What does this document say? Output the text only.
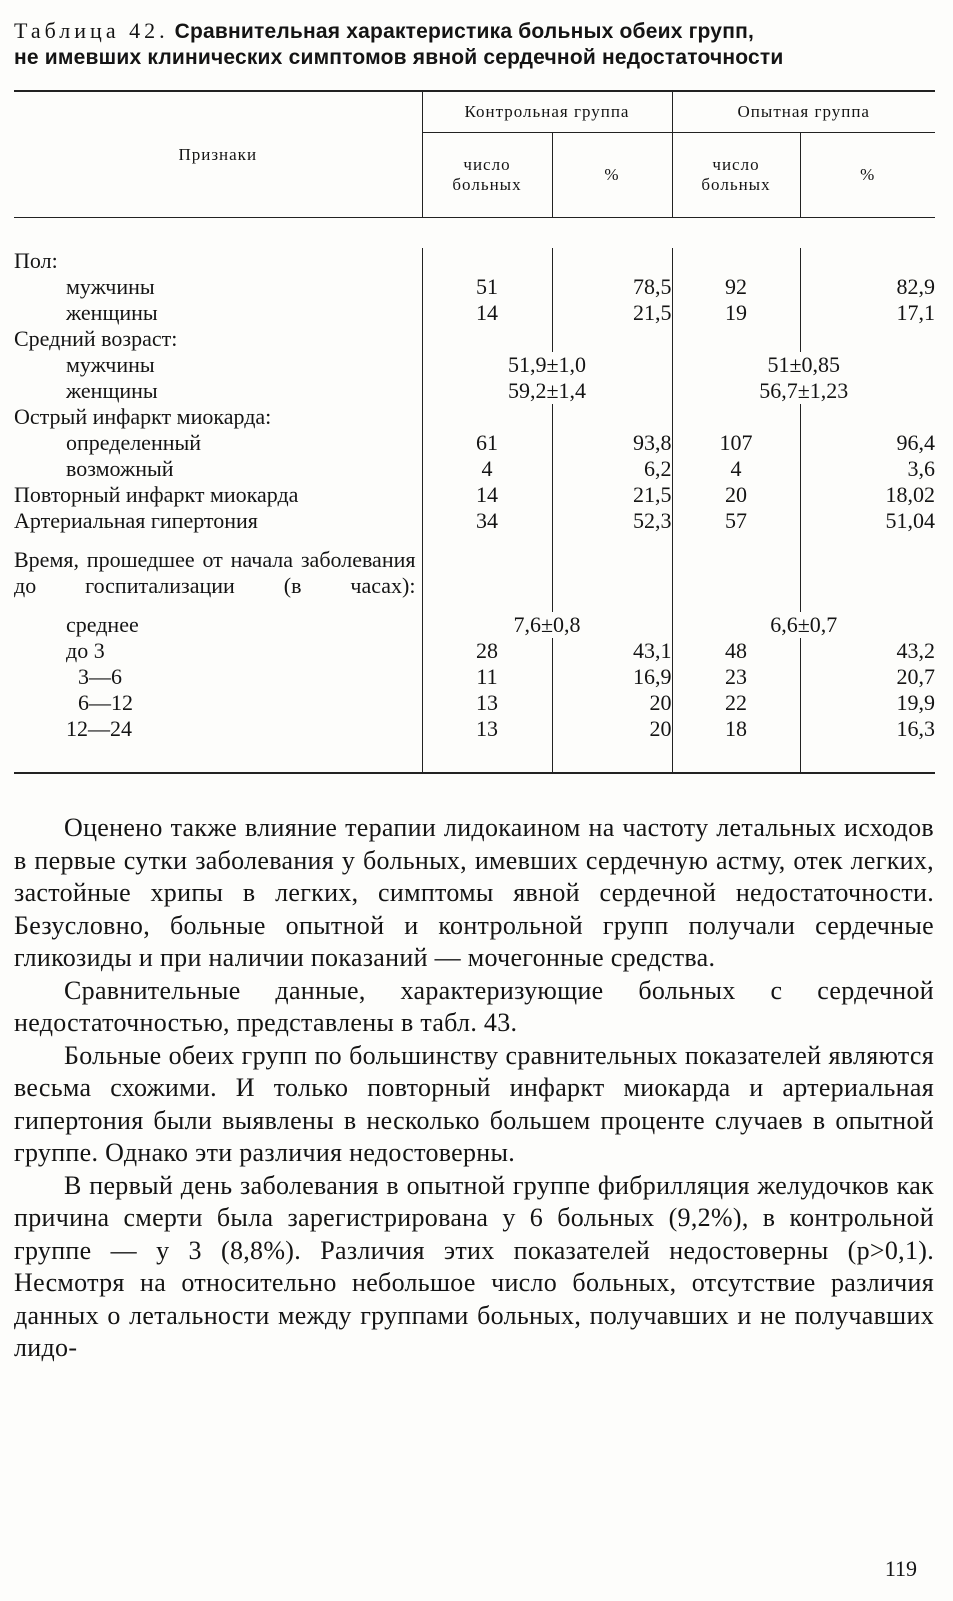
Таблица 42. Сравнительная характеристика больных обеих групп,
не имевших клинических симптомов явной сердечной недостаточности
Признаки	Контрольная группа		Опытная группа	
	число больных	%	число больных	%

Пол:				
мужчины	51	78,5	92	82,9
женщины	14	21,5	19	17,1
Средний возраст:				
мужчины	51,9±1,0		51±0,85	
женщины	59,2±1,4		56,7±1,23	
Острый инфаркт миокарда:				
определенный	61	93,8	107	96,4
возможный	4	6,2	4	3,6
Повторный инфаркт миокарда	14	21,5	20	18,02
Артериальная гипертония	34	52,3	57	51,04
Время, прошедшее от начала заболевания до госпитализации (в часах):				
среднее	7,6±0,8		6,6±0,7	
до 3	28	43,1	48	43,2
3—6	11	16,9	23	20,7
6—12	13	20	22	19,9
12—24	13	20	18	16,3

Оценено также влияние терапии лидокаином на частоту летальных исходов в первые сутки заболевания у больных, имевших сердечную астму, отек легких, застойные хрипы в легких, симптомы явной сердечной недостаточности. Безусловно, больные опытной и контрольной групп получали сердечные гликозиды и при наличии показаний — мочегонные средства.

Сравнительные данные, характеризующие больных с сердечной недостаточностью, представлены в табл. 43.

Больные обеих групп по большинству сравнительных показателей являются весьма схожими. И только повторный инфаркт миокарда и артериальная гипертония были выявлены в несколько большем проценте случаев в опытной группе. Однако эти различия недостоверны.

В первый день заболевания в опытной группе фибрилляция желудочков как причина смерти была зарегистрирована у 6 больных (9,2%), в контрольной группе — у 3 (8,8%). Различия этих показателей недостоверны (p>0,1). Несмотря на относительно небольшое число больных, отсутствие различия данных о летальности между группами больных, получавших и не получавших лидо-

119
